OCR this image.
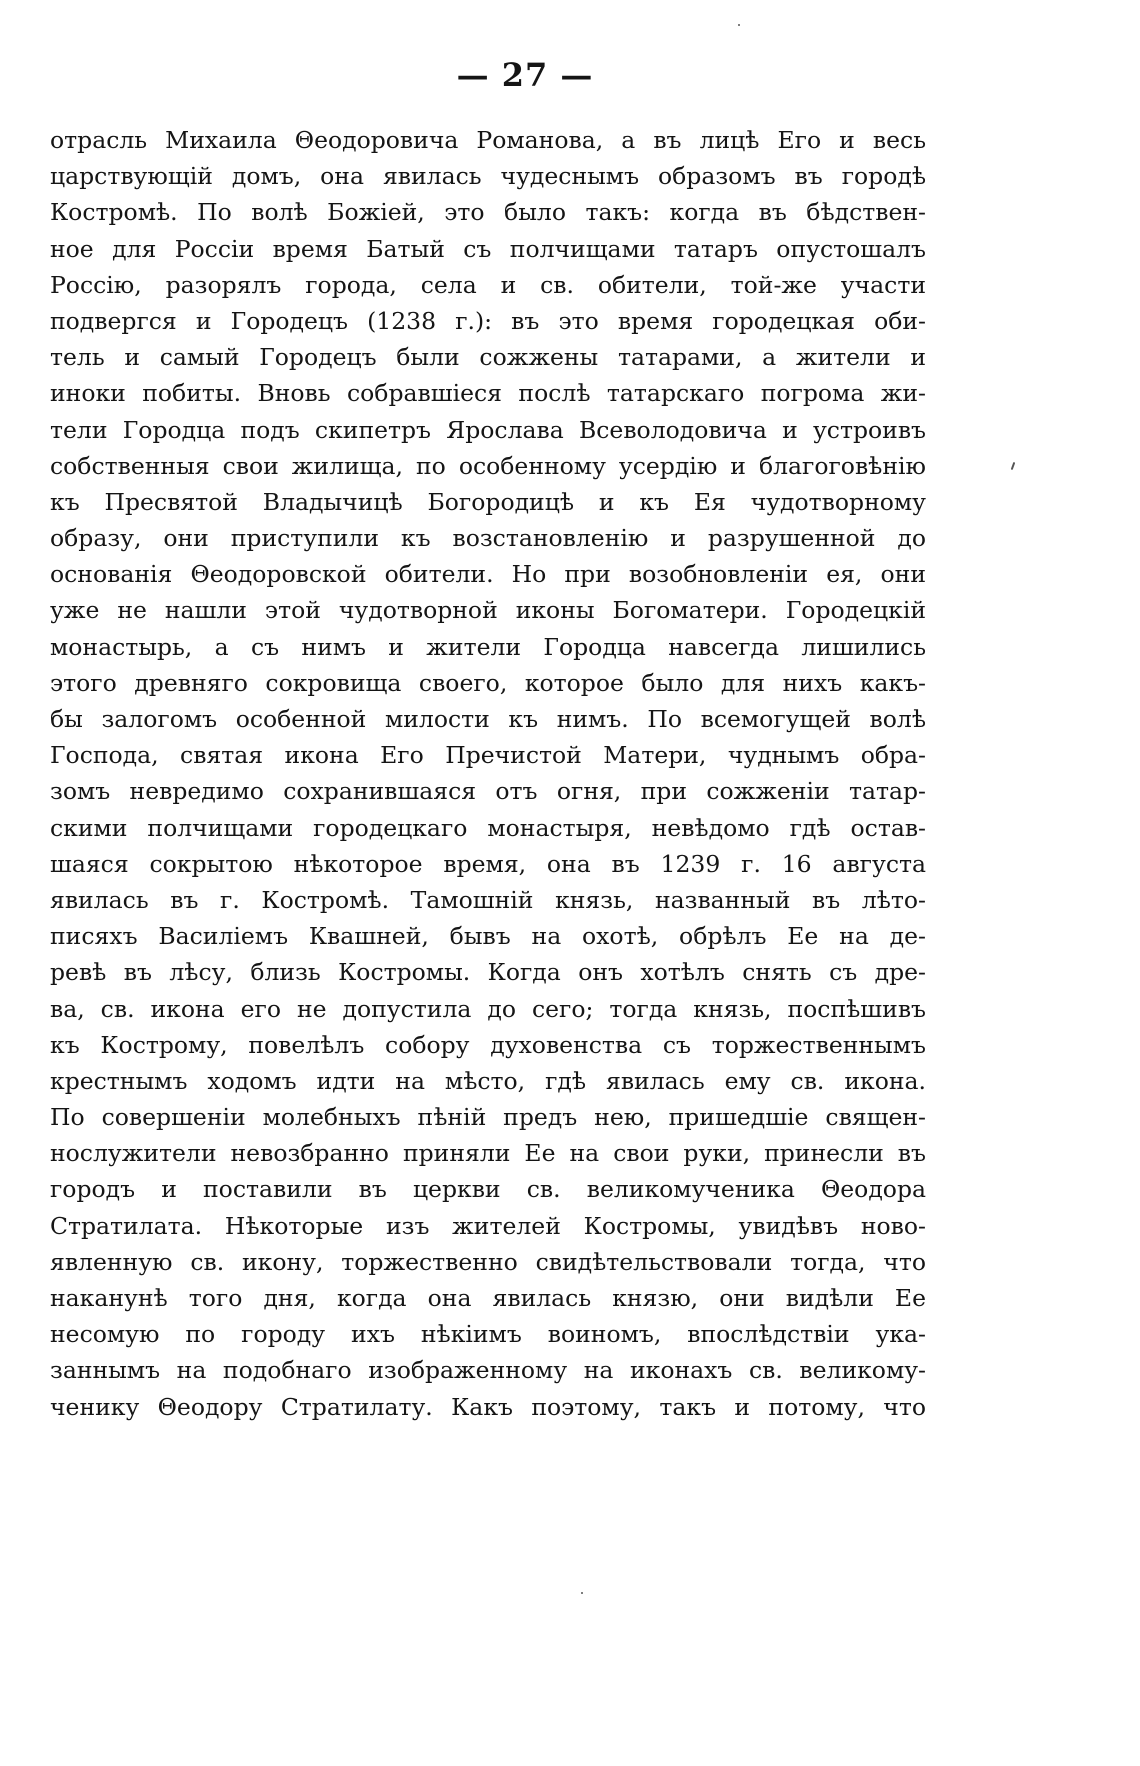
— 27 —
отрасль Михаила Θеодоровича Романова, а въ лицѣ Его и весь
царствующій домъ, она явилась чудеснымъ образомъ въ городѣ
Костромѣ. По волѣ Божіей, это было такъ: когда въ бѣдствен-
ное для Россіи время Батый съ полчищами татаръ опустошалъ
Россію, разорялъ города, села и св. обители, той-же участи
подвергся и Городецъ (1238 г.): въ это время городецкая оби-
тель и самый Городецъ были сожжены татарами, а жители и
иноки побиты. Вновь собравшіеся послѣ татарскаго погрома жи-
тели Городца подъ скипетръ Ярослава Всеволодовича и устроивъ
собственныя свои жилища, по особенному усердію и благоговѣнію
къ Пресвятой Владычицѣ Богородицѣ и къ Ея чудотворному
образу, они приступили къ возстановленію и разрушенной до
основанія Θеодоровской обители. Но при возобновленіи ея, они
уже не нашли этой чудотворной иконы Богоматери. Городецкій
монастырь, а съ нимъ и жители Городца навсегда лишились
этого древняго сокровища своего, которое было для нихъ какъ-
бы залогомъ особенной милости къ нимъ. По всемогущей волѣ
Господа, святая икона Его Пречистой Матери, чуднымъ обра-
зомъ невредимо сохранившаяся отъ огня, при сожженіи татар-
скими полчищами городецкаго монастыря, невѣдомо гдѣ остав-
шаяся сокрытою нѣкоторое время, она въ 1239 г. 16 августа
явилась въ г. Костромѣ. Тамошній князь, названный въ лѣто-
писяхъ Василіемъ Квашней, бывъ на охотѣ, обрѣлъ Ее на де-
ревѣ въ лѣсу, близь Костромы. Когда онъ хотѣлъ снять съ дре-
ва, св. икона его не допустила до сего; тогда князь, поспѣшивъ
къ Кострому, повелѣлъ собору духовенства съ торжественнымъ
крестнымъ ходомъ идти на мѣсто, гдѣ явилась ему св. икона.
По совершеніи молебныхъ пѣній предъ нею, пришедшіе священ-
нослужители невозбранно приняли Ее на свои руки, принесли въ
городъ и поставили въ церкви св. великомученика Θеодора
Стратилата. Нѣкоторые изъ жителей Костромы, увидѣвъ ново-
явленную св. икону, торжественно свидѣтельствовали тогда, что
наканунѣ того дня, когда она явилась князю, они видѣли Ее
несомую по городу ихъ нѣкіимъ воиномъ, впослѣдствіи ука-
заннымъ на подобнаго изображенному на иконахъ св. великому-
ченику Θеодору Стратилату. Какъ поэтому, такъ и потому, что
